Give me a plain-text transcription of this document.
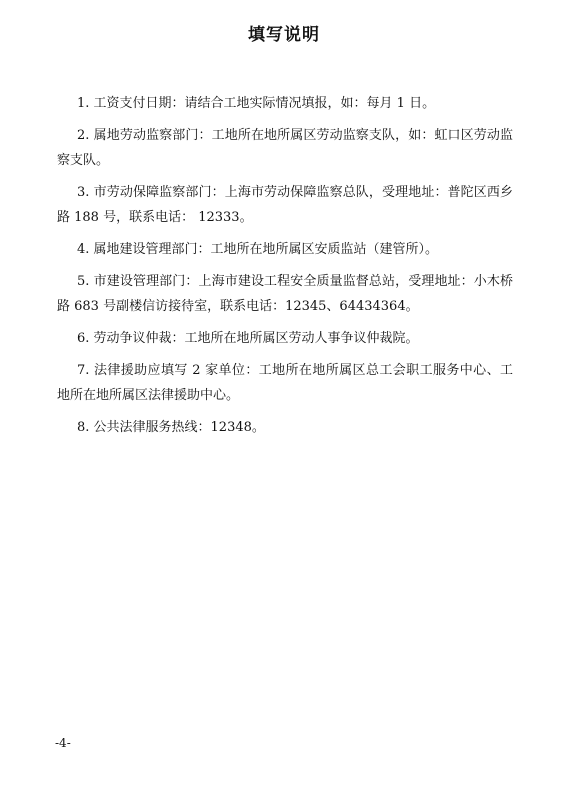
填写说明

1. 工资支付日期：请结合工地实际情况填报，如：每月 1 日。

2. 属地劳动监察部门：工地所在地所属区劳动监察支队，如：虹口区劳动监察支队。

3. 市劳动保障监察部门：上海市劳动保障监察总队，受理地址：普陀区西乡路 188 号，联系电话： 12333。

4. 属地建设管理部门：工地所在地所属区安质监站（建管所）。

5. 市建设管理部门：上海市建设工程安全质量监督总站，受理地址：小木桥路 683 号副楼信访接待室，联系电话：12345、64434364。

6. 劳动争议仲裁：工地所在地所属区劳动人事争议仲裁院。

7. 法律援助应填写 2 家单位：工地所在地所属区总工会职工服务中心、工地所在地所属区法律援助中心。

8. 公共法律服务热线：12348。

-4-
